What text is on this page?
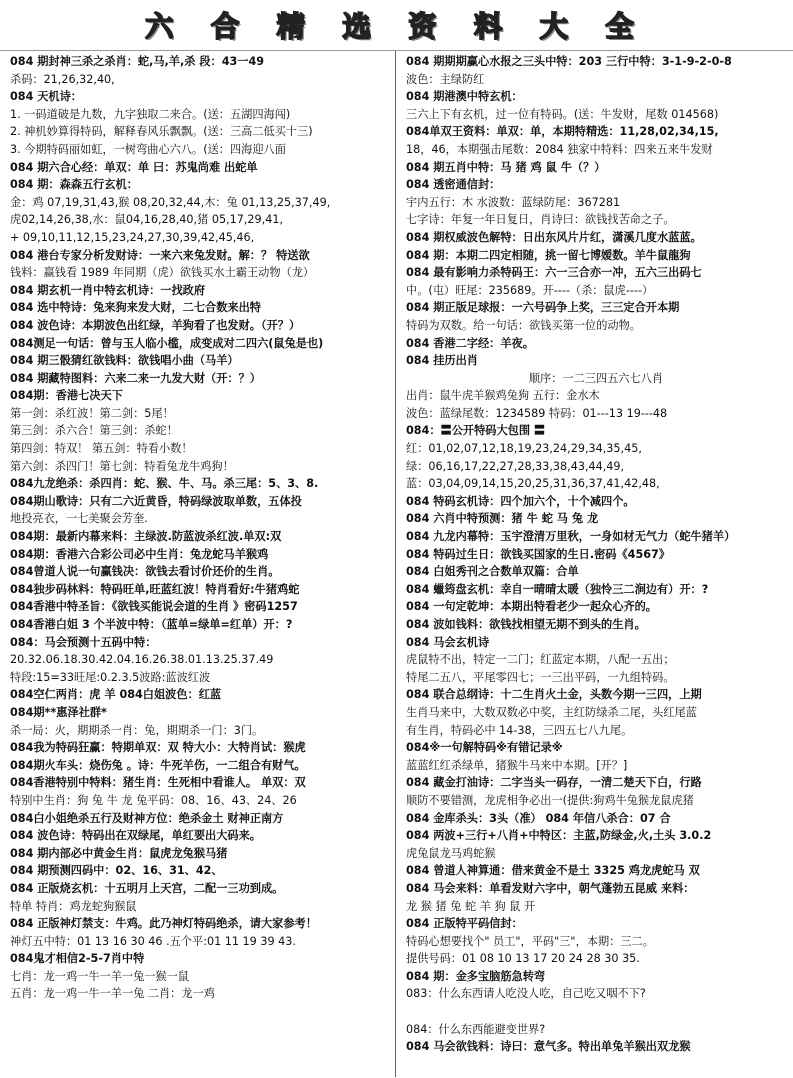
六 合 精 选 资 料 大 全
084 期封神三杀之杀肖：蛇,马,羊,杀 段：43一49
杀码：21,26,32,40,
084 天机诗：
1. 一码道破是九数，九字独取二来合。(送：五湖四海闯)
2. 神机妙算得特码，解释春风乐飘飘。(送：三高二低买十三)
3. 今期特码丽如虹，一树弯曲心六八。(送：四海迎八面
084 期六合心经：单双：单 曰：苏鬼尚难 出蛇单
084 期：森森五行玄机：
金：鸡 07,19,31,43,猴 08,20,32,44,木：兔 01,13,25,37,49,
虎02,14,26,38,水：鼠04,16,28,40,猪 05,17,29,41,
+ 09,10,11,12,15,23,24,27,30,39,42,45,46,
084 港台专家分析发财诗：一来六来兔发财。解：？ 特送欲
钱料：赢钱看 1989 年同期（虎）欲钱买水土霸王动物（龙）
084 期玄机一肖中特玄机诗：一找政府
084 选中特诗：兔来狗来发大财，二七合数来出特
084 波色诗：本期波色出红绿，羊狗看了也发财。（开？）
084测足一句话：曾与玉人临小槛，成变成对二四六(鼠兔是也)
084 期三骰猜红欲钱料：欲钱唱小曲（马羊）
084 期藏特图料：六来二来一九发大财（开：？）
084期：香港七决天下
第一剑：杀红波！第二剑：5尾！
第三剑：杀六合！第三剑：杀蛇！
第四剑：特双！ 第五剑：特看小数！
第六剑：杀四门！第七剑：特看兔龙牛鸡狗！
084九龙绝杀：杀四肖：蛇、猴、牛、马。杀三尾：5、3、8.
084期山歌诗：只有二六近黄昏，特码绿波取单数，五体投
地投亮衣，一七美聚会芳奎.
084期：最新内幕来料：主绿波.防蓝波杀红波.单双:双
084期：香港六合彩公司必中生肖：兔龙蛇马羊猴鸡
084曾道人说一句赢钱决：欲钱去看讨价还价的生肖。
084独步码林料：特码旺单,旺蓝红波！特肖看好:牛猪鸡蛇
084香港中特圣旨：《欲钱买能说会道的生肖 》密码1257
084香港白姐 3 个半波中特：（蓝单=绿单=红单）开：?
084：马会预测十五码中特：
20.32.06.18.30.42.04.16.26.38.01.13.25.37.49
特段:15=33旺尾:0.2.3.5波路:蓝波红波
084空仁两肖：虎 羊 084白姐波色：红蓝
084期**惠泽社群*
杀一局：火，期期杀一肖：兔，期期杀一门：3门。
084我为特码狂赢：特期单双：双 特大小：大特肖试：猴虎
084期火车头：烧伤兔 。诗：牛死羊伤，一二组合有财气。
084香港特别中特料：猪生肖：生死相中看谁人。 单双：双
特别中生肖：狗 兔 牛 龙 兔平码：08、16、43、24、26
084白小姐绝杀五行及财神方位：绝杀金土 财神正南方
084 波色诗：特码出在双绿尾，单红要出大码来。
084 期内部必中黄金生肖：鼠虎龙兔猴马猪
084 期预测四码中：02、16、31、42、
084 正版烧玄机：十五明月上天宫，二配一三功到成。
特单 特肖：鸡龙蛇狗猴鼠
084 正版神灯禁支：牛鸡。此乃神灯特码绝杀，请大家参考！
神灯五中特：01 13 16 30 46 .五个平:01 11 19 39 43.
084鬼才相信2-5-7肖中特
七肖：龙一鸡一牛一羊一兔一猴一鼠
五肖：龙一鸡一牛一羊一兔 二肖：龙一鸡
084 期期期赢心水报之三头中特：203 三行中特：3-1-9-2-0-8
波色：主绿防红
084 期港澳中特玄机：
三六上下有玄机，过一位有特码。(送：牛发财，尾数 014568)
084单双王资料：单双：单，本期特精选：11,28,02,34,15,
18，46，本期强击尾数：2084 独家中特料：四来五来牛发财
084 期五肖中特：马 猪 鸡 鼠 牛（？）
084 透密通信封：
宇内五行：木 水波数：蓝绿防尾：367281
七字诗：年复一年日复日，肖诗曰：欲钱找苦命之子。
084 期权威波色解特：日出东风片片红，潇溪几度水蓝蓝。
084 期：本期二四定相随，挑一留七博嫒数。羊牛鼠龍狗
084 最有影响力杀特码王：六一三合亦一冲，五六三出码七
中。(屯）旺尾：235689。开----（杀：鼠虎----）
084 期正版足球报：一六号码争上奖，三三定合开本期
特码为双数。给一句话：欲钱买第一位的动物。
084 香港二字经：羊夜。
084 挂历出肖
顺序：一二三四五六七八肖
出肖：鼠牛虎羊猴鸡兔狗 五行：金水木
波色：蓝绿尾数：1234589 特码：01---13 19---48
084：〓公开特码大包围 〓
红：01,02,07,12,18,19,23,24,29,34,35,45,
绿：06,16,17,22,27,28,33,38,43,44,49,
蓝：03,04,09,14,15,20,25,31,36,37,41,42,48,
084 特码玄机诗：四个加六个，十个减四个。
084 六肖中特预测：猪 牛 蛇 马 兔 龙
084 九龙内幕特：玉宇澄清万里秋，一身如材无气力（蛇牛猪羊）
084 特码过生日：欲钱买国家的生日.密码《4567》
084 白姐秀刊之合数单双篇：合单
084 蠟筠盘玄机：幸自一晴晴太暖（独怜三二涧边有）开：?
084 一句定乾坤：本期出特看老少一起众心齐的。
084 波如钱料：欲钱找相望无期不到头的生肖。
084 马会玄机诗
虎鼠特不出，特定一二门；红蓝定本期，八配一五出；
特尾二五八，平尾零四七；一三出平码，一九组特码。
084 联合总纲诗：十二生肖火土金，头数今期一三四，上期
生肖马来中，大数双数必中奖，主红防绿杀二尾，头红尾蓝
有生肖，特码必中 14-38，三四五七八九尾。
084※一句解特码※有错记录※
蓝蓝红红杀绿单，猪猴牛马来中本期。[开？]
084 藏金打油诗：二字当头一码存，一清二楚天下白，行路
顺防不要错测，龙虎相争必出一(提供:狗鸡牛兔猴龙鼠虎猪
084 金库杀头：3头（准） 084 年信八杀合：07 合
084 两波+三行+八肖+中特区：主蓝,防绿金,火,土头 3.0.2
虎兔鼠龙马鸡蛇猴
084 曾道人神算通：借来黄金不是土 3325 鸡龙虎蛇马 双
084 马会来料：单看发财六字中，朝气蓬勃五昆威 来料：
龙 猴 猪 兔 蛇 羊 狗 鼠 开
084 正版特平码信封：
特码心想要找个" 员工"，平码"三"，本期：三二。
提供号码：01 08 10 13 17 20 24 28 30 35.
084 期：金多宝脑筋急转弯
083：什么东西请人吃没人吃，自己吃又咽不下?
084：什么东西能避变世界?
084 马会欲钱料：诗曰：意气多。特出单兔羊猴出双龙猴
